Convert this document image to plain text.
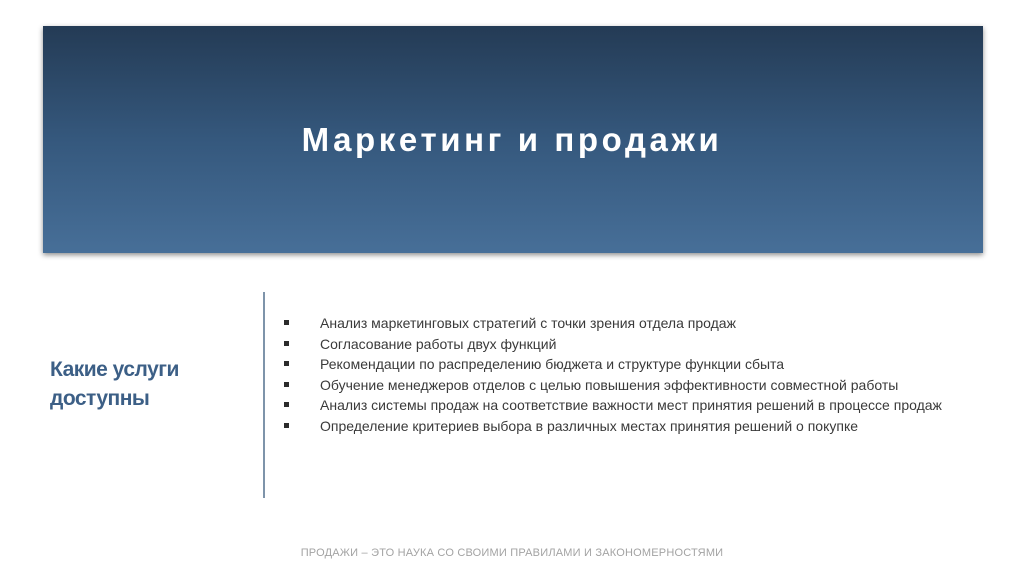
Маркетинг и продажи

Какие услуги доступны

Анализ маркетинговых стратегий с точки зрения отдела продаж
Согласование работы двух функций
Рекомендации по распределению бюджета и структуре функции сбыта
Обучение менеджеров отделов с целью повышения эффективности совместной работы
Анализ системы продаж на соответствие важности мест принятия решений в процессе продаж
Определение критериев выбора в различных местах принятия решений о покупке
ПРОДАЖИ – ЭТО НАУКА СО СВОИМИ ПРАВИЛАМИ И ЗАКОНОМЕРНОСТЯМИ
